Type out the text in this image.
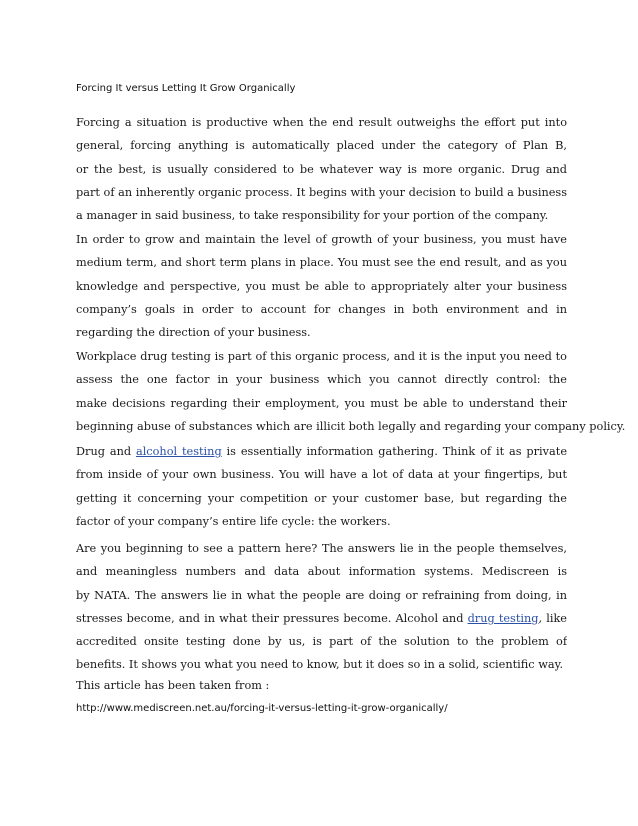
Forcing It versus Letting It Grow Organically
Forcing a situation is productive when the end result outweighs the effort put into
general, forcing anything is automatically placed under the category of Plan B,
or the best, is usually considered to be whatever way is more organic. Drug and
part of an inherently organic process. It begins with your decision to build a business
a manager in said business, to take responsibility for your portion of the company.
In order to grow and maintain the level of growth of your business, you must have
medium term, and short term plans in place. You must see the end result, and as you
knowledge and perspective, you must be able to appropriately alter your business
company’s goals in order to account for changes in both environment and in
regarding the direction of your business.
Workplace drug testing is part of this organic process, and it is the input you need to
assess the one factor in your business which you cannot directly control: the
make decisions regarding their employment, you must be able to understand their
beginning abuse of substances which are illicit both legally and regarding your company policy.
Drug and alcohol testing is essentially information gathering. Think of it as private
from inside of your own business. You will have a lot of data at your fingertips, but
getting it concerning your competition or your customer base, but regarding the
factor of your company’s entire life cycle: the workers.
Are you beginning to see a pattern here? The answers lie in the people themselves,
and meaningless numbers and data about information systems. Mediscreen is
by NATA. The answers lie in what the people are doing or refraining from doing, in
stresses become, and in what their pressures become. Alcohol and drug testing, like
accredited onsite testing done by us, is part of the solution to the problem of
benefits. It shows you what you need to know, but it does so in a solid, scientific way.
This article has been taken from :
http://www.mediscreen.net.au/forcing-it-versus-letting-it-grow-organically/
